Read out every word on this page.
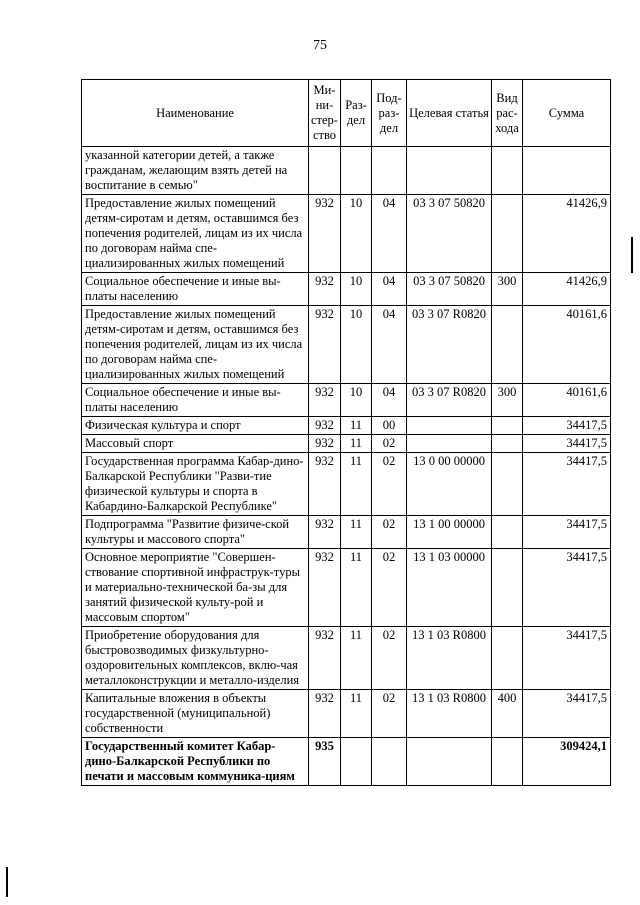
75
Наименование	Ми-ни-стер-ство	Раз-дел	Под-раз-дел	Целевая статья	Вид рас-хода	Сумма
указанной категории детей, а также гражданам, желающим взять детей на воспитание в семью"						
Предоставление жилых помещений детям-сиротам и детям, оставшимся без попечения родителей, лицам из их числа по договорам найма спе-циализированных жилых помещений	932	10	04	03 3 07 50820		41426,9
Социальное обеспечение и иные вы-платы населению	932	10	04	03 3 07 50820	300	41426,9
Предоставление жилых помещений детям-сиротам и детям, оставшимся без попечения родителей, лицам из их числа по договорам найма спе-циализированных жилых помещений	932	10	04	03 3 07 R0820		40161,6
Социальное обеспечение и иные вы-платы населению	932	10	04	03 3 07 R0820	300	40161,6
Физическая культура и спорт	932	11	00			34417,5
Массовый спорт	932	11	02			34417,5
Государственная программа Кабар-дино-Балкарской Республики "Разви-тие физической культуры и спорта в Кабардино-Балкарской Республике"	932	11	02	13 0 00 00000		34417,5
Подпрограмма "Развитие физиче-ской культуры и массового спорта"	932	11	02	13 1 00 00000		34417,5
Основное мероприятие "Совершен-ствование спортивной инфраструк-туры и материально-технической ба-зы для занятий физической культу-рой и массовым спортом"	932	11	02	13 1 03 00000		34417,5
Приобретение оборудования для быстровозводимых физкультурно-оздоровительных комплексов, вклю-чая металлоконструкции и металло-изделия	932	11	02	13 1 03 R0800		34417,5
Капитальные вложения в объекты государственной (муниципальной) собственности	932	11	02	13 1 03 R0800	400	34417,5
Государственный комитет Кабар-дино-Балкарской Республики по печати и массовым коммуника-циям	935					309424,1
